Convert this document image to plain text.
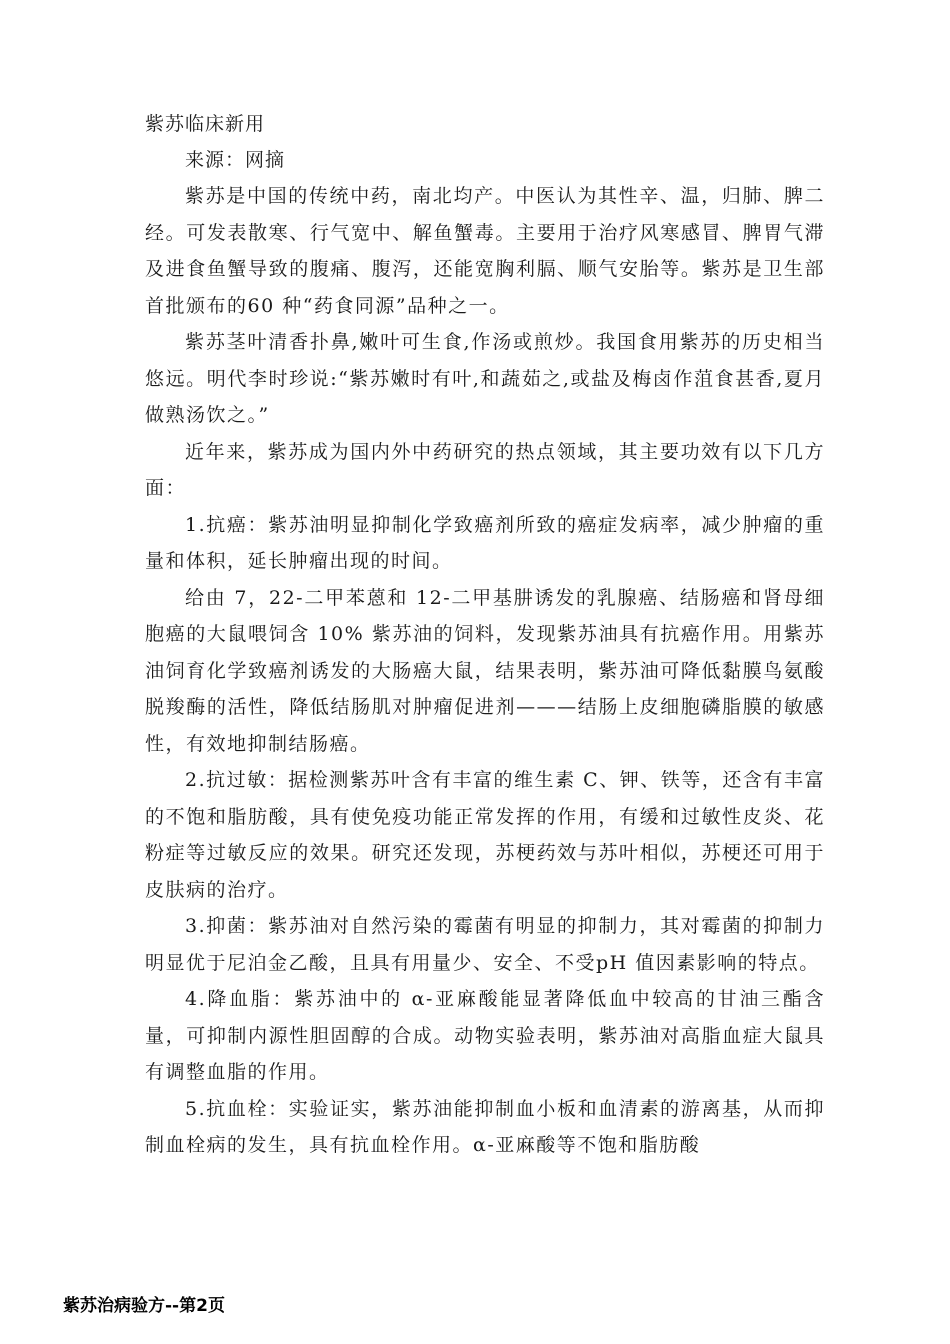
紫苏临床新用

来源：网摘

紫苏是中国的传统中药，南北均产。中医认为其性辛、温，归肺、脾二经。可发表散寒、行气宽中、解鱼蟹毒。主要用于治疗风寒感冒、脾胃气滞及进食鱼蟹导致的腹痛、腹泻，还能宽胸利膈、顺气安胎等。紫苏是卫生部首批颁布的60 种“药食同源”品种之一。

紫苏茎叶清香扑鼻,嫩叶可生食,作汤或煎炒。我国食用紫苏的历史相当悠远。明代李时珍说:“紫苏嫩时有叶,和蔬茹之,或盐及梅卤作菹食甚香,夏月做熟汤饮之。”

近年来，紫苏成为国内外中药研究的热点领域，其主要功效有以下几方面：

1.抗癌：紫苏油明显抑制化学致癌剂所致的癌症发病率，减少肿瘤的重量和体积，延长肿瘤出现的时间。

给由 7，22-二甲苯蒽和 12-二甲基肼诱发的乳腺癌、结肠癌和肾母细胞癌的大鼠喂饲含 10% 紫苏油的饲料，发现紫苏油具有抗癌作用。用紫苏油饲育化学致癌剂诱发的大肠癌大鼠，结果表明，紫苏油可降低黏膜鸟氨酸脱羧酶的活性，降低结肠肌对肿瘤促进剂———结肠上皮细胞磷脂膜的敏感性，有效地抑制结肠癌。

2.抗过敏：据检测紫苏叶含有丰富的维生素 C、钾、铁等，还含有丰富的不饱和脂肪酸，具有使免疫功能正常发挥的作用，有缓和过敏性皮炎、花粉症等过敏反应的效果。研究还发现，苏梗药效与苏叶相似，苏梗还可用于皮肤病的治疗。

3.抑菌：紫苏油对自然污染的霉菌有明显的抑制力，其对霉菌的抑制力明显优于尼泊金乙酸，且具有用量少、安全、不受pH 值因素影响的特点。

4.降血脂：紫苏油中的 α-亚麻酸能显著降低血中较高的甘油三酯含量，可抑制内源性胆固醇的合成。动物实验表明，紫苏油对高脂血症大鼠具有调整血脂的作用。

5.抗血栓：实验证实，紫苏油能抑制血小板和血清素的游离基，从而抑制血栓病的发生，具有抗血栓作用。α-亚麻酸等不饱和脂肪酸

紫苏治病验方--第2页
